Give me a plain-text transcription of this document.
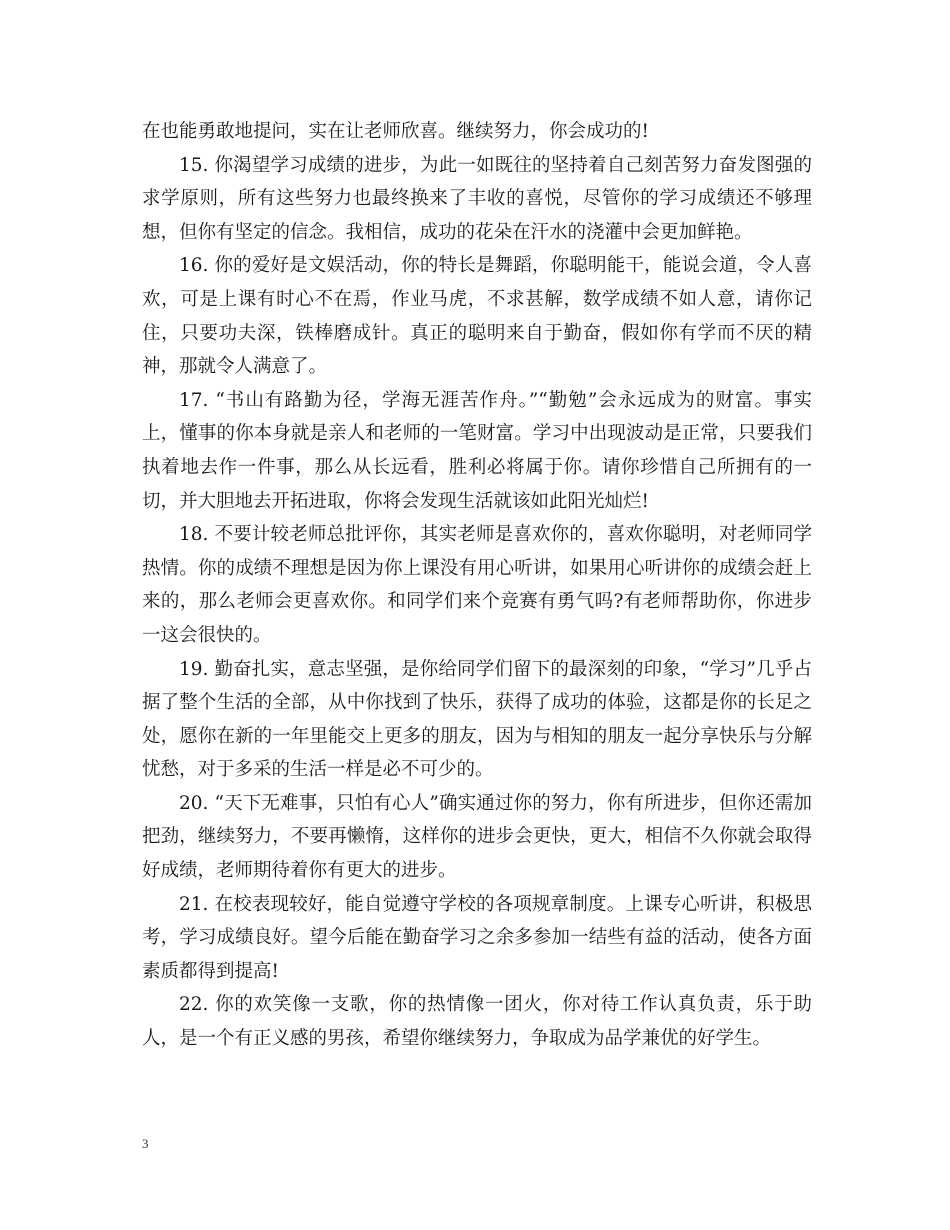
在也能勇敢地提问，实在让老师欣喜。继续努力，你会成功的!

15. 你渴望学习成绩的进步，为此一如既往的坚持着自己刻苦努力奋发图强的求学原则，所有这些努力也最终换来了丰收的喜悦，尽管你的学习成绩还不够理想，但你有坚定的信念。我相信，成功的花朵在汗水的浇灌中会更加鲜艳。

16. 你的爱好是文娱活动，你的特长是舞蹈，你聪明能干，能说会道，令人喜欢，可是上课有时心不在焉，作业马虎，不求甚解，数学成绩不如人意，请你记住，只要功夫深，铁棒磨成针。真正的聪明来自于勤奋，假如你有学而不厌的精神，那就令人满意了。

17. “书山有路勤为径，学海无涯苦作舟。”“勤勉”会永远成为的财富。事实上，懂事的你本身就是亲人和老师的一笔财富。学习中出现波动是正常，只要我们执着地去作一件事，那么从长远看，胜利必将属于你。请你珍惜自己所拥有的一切，并大胆地去开拓进取，你将会发现生活就该如此阳光灿烂!

18. 不要计较老师总批评你，其实老师是喜欢你的，喜欢你聪明，对老师同学热情。你的成绩不理想是因为你上课没有用心听讲，如果用心听讲你的成绩会赶上来的，那么老师会更喜欢你。和同学们来个竞赛有勇气吗?有老师帮助你，你进步一这会很快的。

19. 勤奋扎实，意志坚强，是你给同学们留下的最深刻的印象，“学习”几乎占据了整个生活的全部，从中你找到了快乐，获得了成功的体验，这都是你的长足之处，愿你在新的一年里能交上更多的朋友，因为与相知的朋友一起分享快乐与分解忧愁，对于多采的生活一样是必不可少的。

20. “天下无难事，只怕有心人”确实通过你的努力，你有所进步，但你还需加把劲，继续努力，不要再懒惰，这样你的进步会更快，更大，相信不久你就会取得好成绩，老师期待着你有更大的进步。

21. 在校表现较好，能自觉遵守学校的各项规章制度。上课专心听讲，积极思考，学习成绩良好。望今后能在勤奋学习之余多参加一结些有益的活动，使各方面素质都得到提高!

22. 你的欢笑像一支歌，你的热情像一团火，你对待工作认真负责，乐于助人，是一个有正义感的男孩，希望你继续努力，争取成为品学兼优的好学生。

3
